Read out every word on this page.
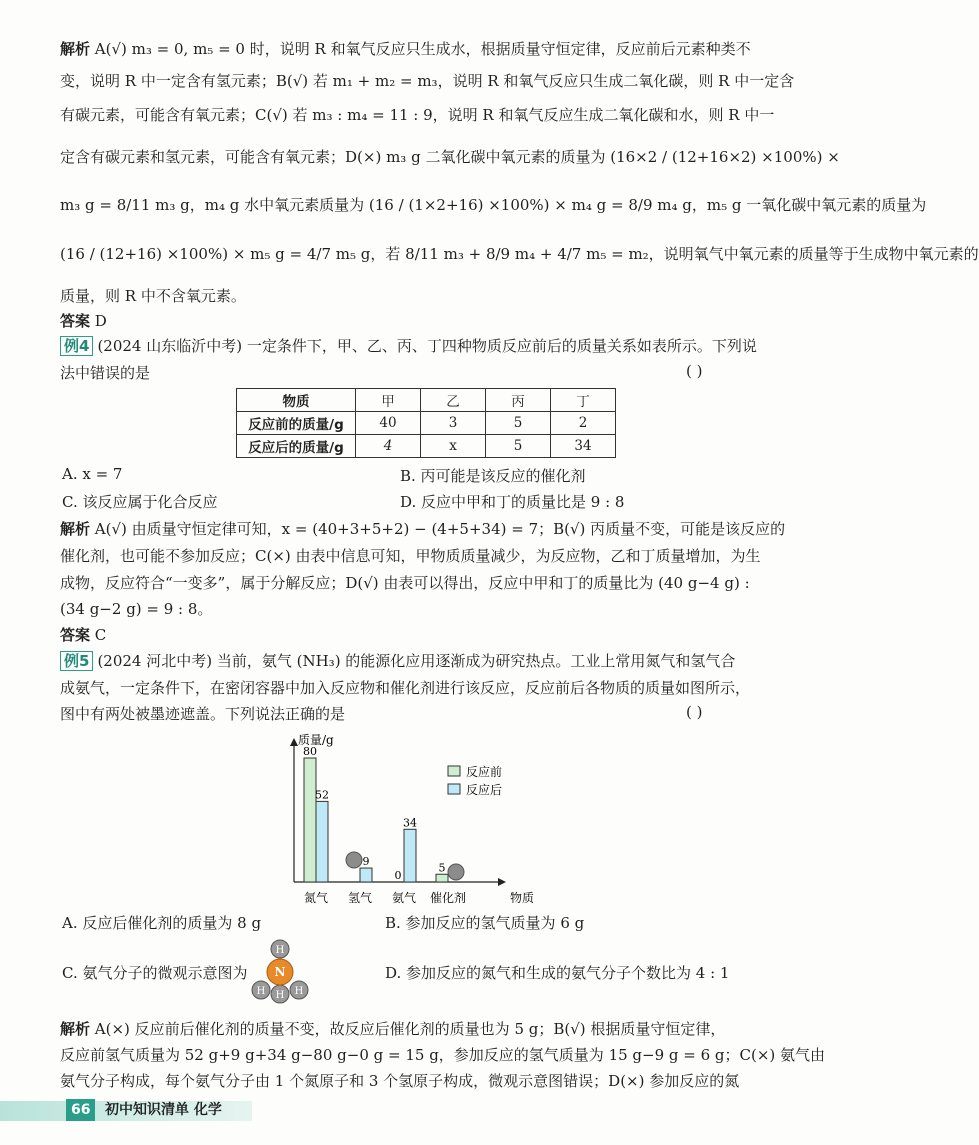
解析 A(√) m₃ = 0, m₅ = 0 时，说明 R 和氧气反应只生成水，根据质量守恒定律，反应前后元素种类不
变，说明 R 中一定含有氢元素；B(√) 若 m₁ + m₂ = m₃，说明 R 和氧气反应只生成二氧化碳，则 R 中一定含
有碳元素，可能含有氧元素；C(√) 若 m₃ : m₄ = 11 : 9，说明 R 和氧气反应生成二氧化碳和水，则 R 中一
定含有碳元素和氢元素，可能含有氧元素；D(×) m₃ g 二氧化碳中氧元素的质量为 (16×2 / (12+16×2) ×100%) ×
m₃ g = 8/11 m₃ g，m₄ g 水中氧元素质量为 (16 / (1×2+16) ×100%) × m₄ g = 8/9 m₄ g，m₅ g 一氧化碳中氧元素的质量为
(16 / (12+16) ×100%) × m₅ g = 4/7 m₅ g，若 8/11 m₃ + 8/9 m₄ + 4/7 m₅ = m₂，说明氧气中氧元素的质量等于生成物中氧元素的
质量，则 R 中不含氧元素。
答案 D
例4 (2024 山东临沂中考) 一定条件下，甲、乙、丙、丁四种物质反应前后的质量关系如表所示。下列说
法中错误的是	( )
物质	甲	乙	丙	丁
反应前的质量/g	40	3	5	2
反应后的质量/g	4	x	5	34
A. x = 7	B. 丙可能是该反应的催化剂
C. 该反应属于化合反应	D. 反应中甲和丁的质量比是 9 : 8
解析 A(√) 由质量守恒定律可知，x = (40+3+5+2) − (4+5+34) = 7；B(√) 丙质量不变，可能是该反应的
催化剂，也可能不参加反应；C(×) 由表中信息可知，甲物质质量减少，为反应物，乙和丁质量增加，为生
成物，反应符合“一变多”，属于分解反应；D(√) 由表可以得出，反应中甲和丁的质量比为 (40 g−4 g) :
(34 g−2 g) = 9 : 8。
答案 C
例5 (2024 河北中考) 当前，氨气 (NH₃) 的能源化应用逐渐成为研究热点。工业上常用氮气和氢气合
成氨气，一定条件下，在密闭容器中加入反应物和催化剂进行该反应，反应前后各物质的质量如图所示，
图中有两处被墨迹遮盖。下列说法正确的是	( )
质量/g
物质
80
52
氮气
9
氢气
0
34
氨气
5
催化剂
反应前
反应后
A. 反应后催化剂的质量为 8 g	B. 参加反应的氢气质量为 6 g
C. 氨气分子的微观示意图为
H
H H H
N	D. 参加反应的氮气和生成的氨气分子个数比为 4 : 1
解析 A(×) 反应前后催化剂的质量不变，故反应后催化剂的质量也为 5 g；B(√) 根据质量守恒定律，
反应前氢气质量为 52 g+9 g+34 g−80 g−0 g = 15 g，参加反应的氢气质量为 15 g−9 g = 6 g；C(×) 氨气由
氨气分子构成，每个氨气分子由 1 个氮原子和 3 个氢原子构成，微观示意图错误；D(×) 参加反应的氮
66	初中知识清单 化学
